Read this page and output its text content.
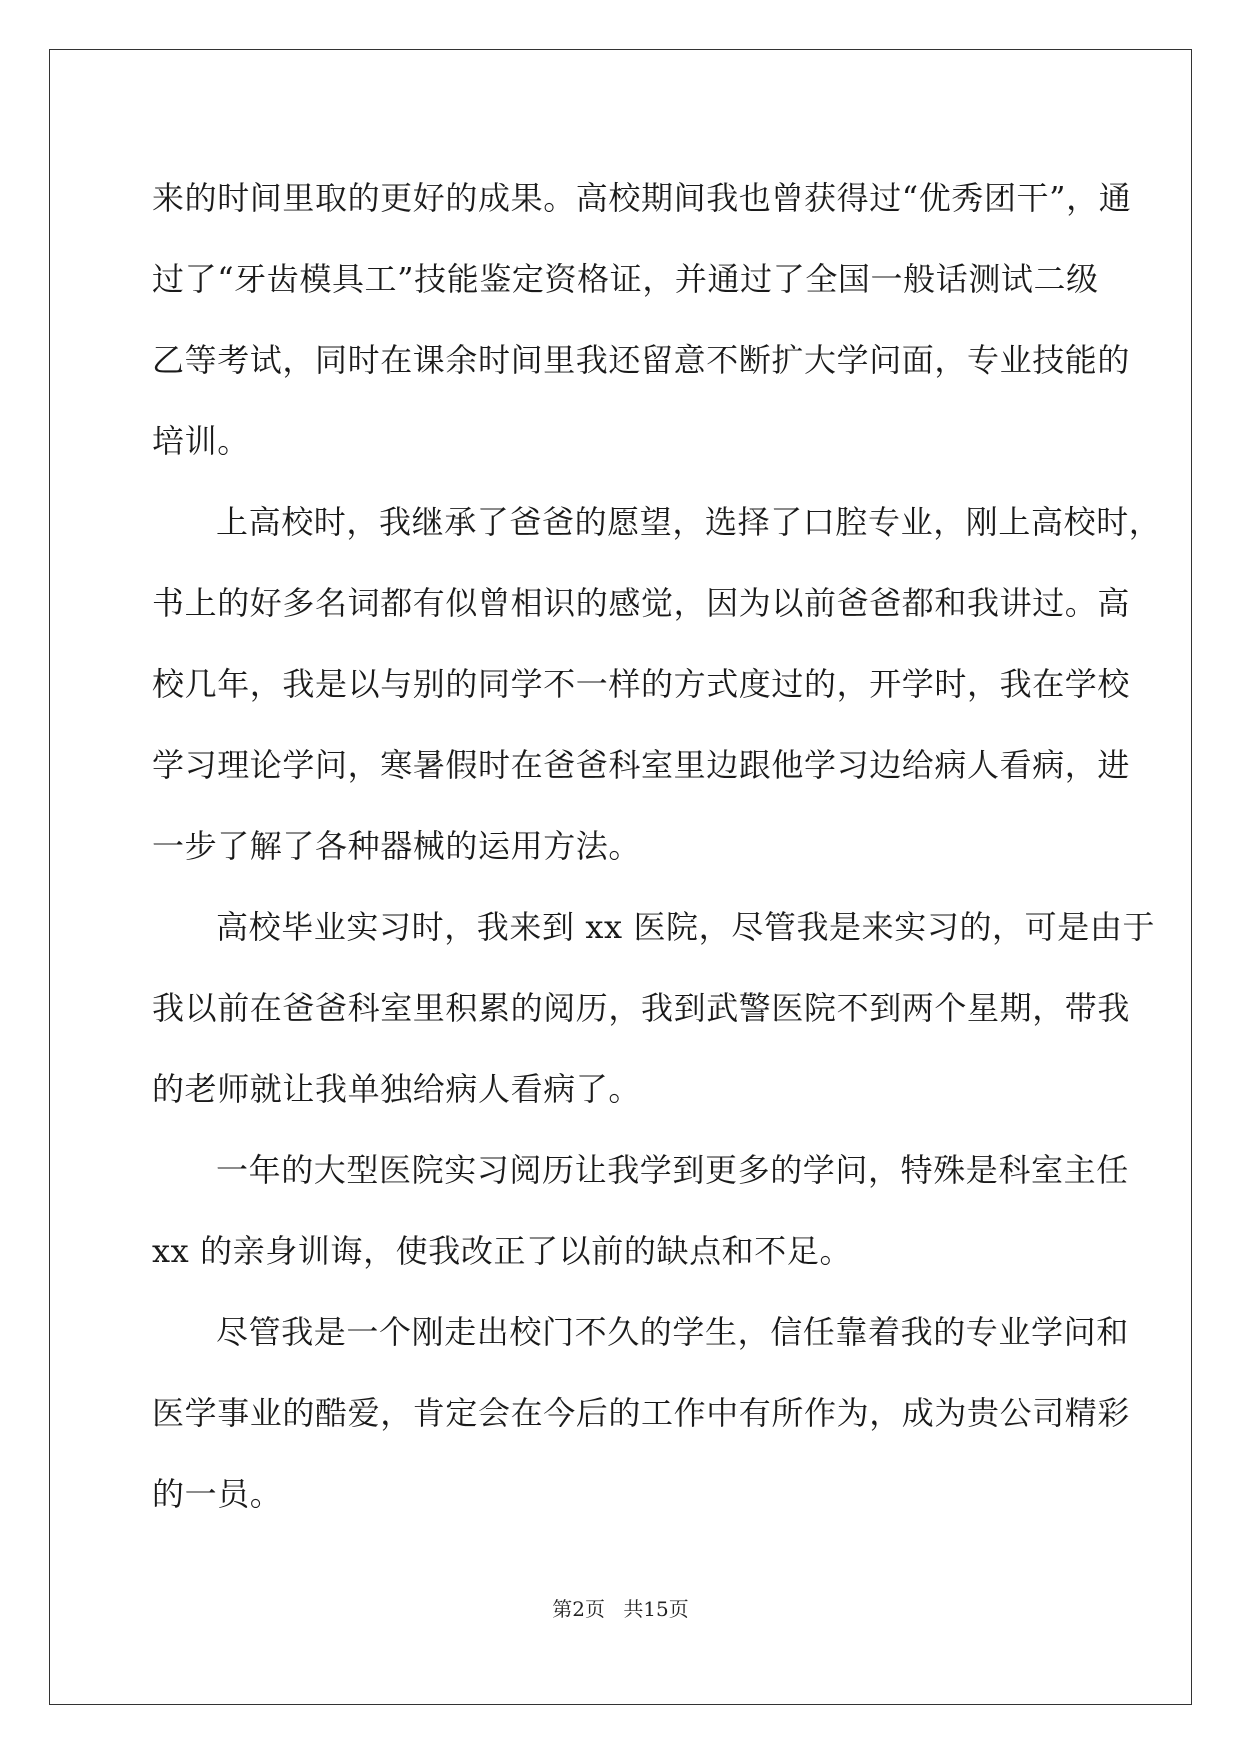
来的时间里取的更好的成果。高校期间我也曾获得过“优秀团干”，通
过了“牙齿模具工”技能鉴定资格证，并通过了全国一般话测试二级
乙等考试，同时在课余时间里我还留意不断扩大学问面，专业技能的
培训。
上高校时，我继承了爸爸的愿望，选择了口腔专业，刚上高校时，
书上的好多名词都有似曾相识的感觉，因为以前爸爸都和我讲过。高
校几年，我是以与别的同学不一样的方式度过的，开学时，我在学校
学习理论学问，寒暑假时在爸爸科室里边跟他学习边给病人看病，进
一步了解了各种器械的运用方法。
高校毕业实习时，我来到 xx 医院，尽管我是来实习的，可是由于
我以前在爸爸科室里积累的阅历，我到武警医院不到两个星期，带我
的老师就让我单独给病人看病了。
一年的大型医院实习阅历让我学到更多的学问，特殊是科室主任
xx 的亲身训诲，使我改正了以前的缺点和不足。
尽管我是一个刚走出校门不久的学生，信任靠着我的专业学问和
医学事业的酷爱，肯定会在今后的工作中有所作为，成为贵公司精彩
的一员。
第2页 共15页
